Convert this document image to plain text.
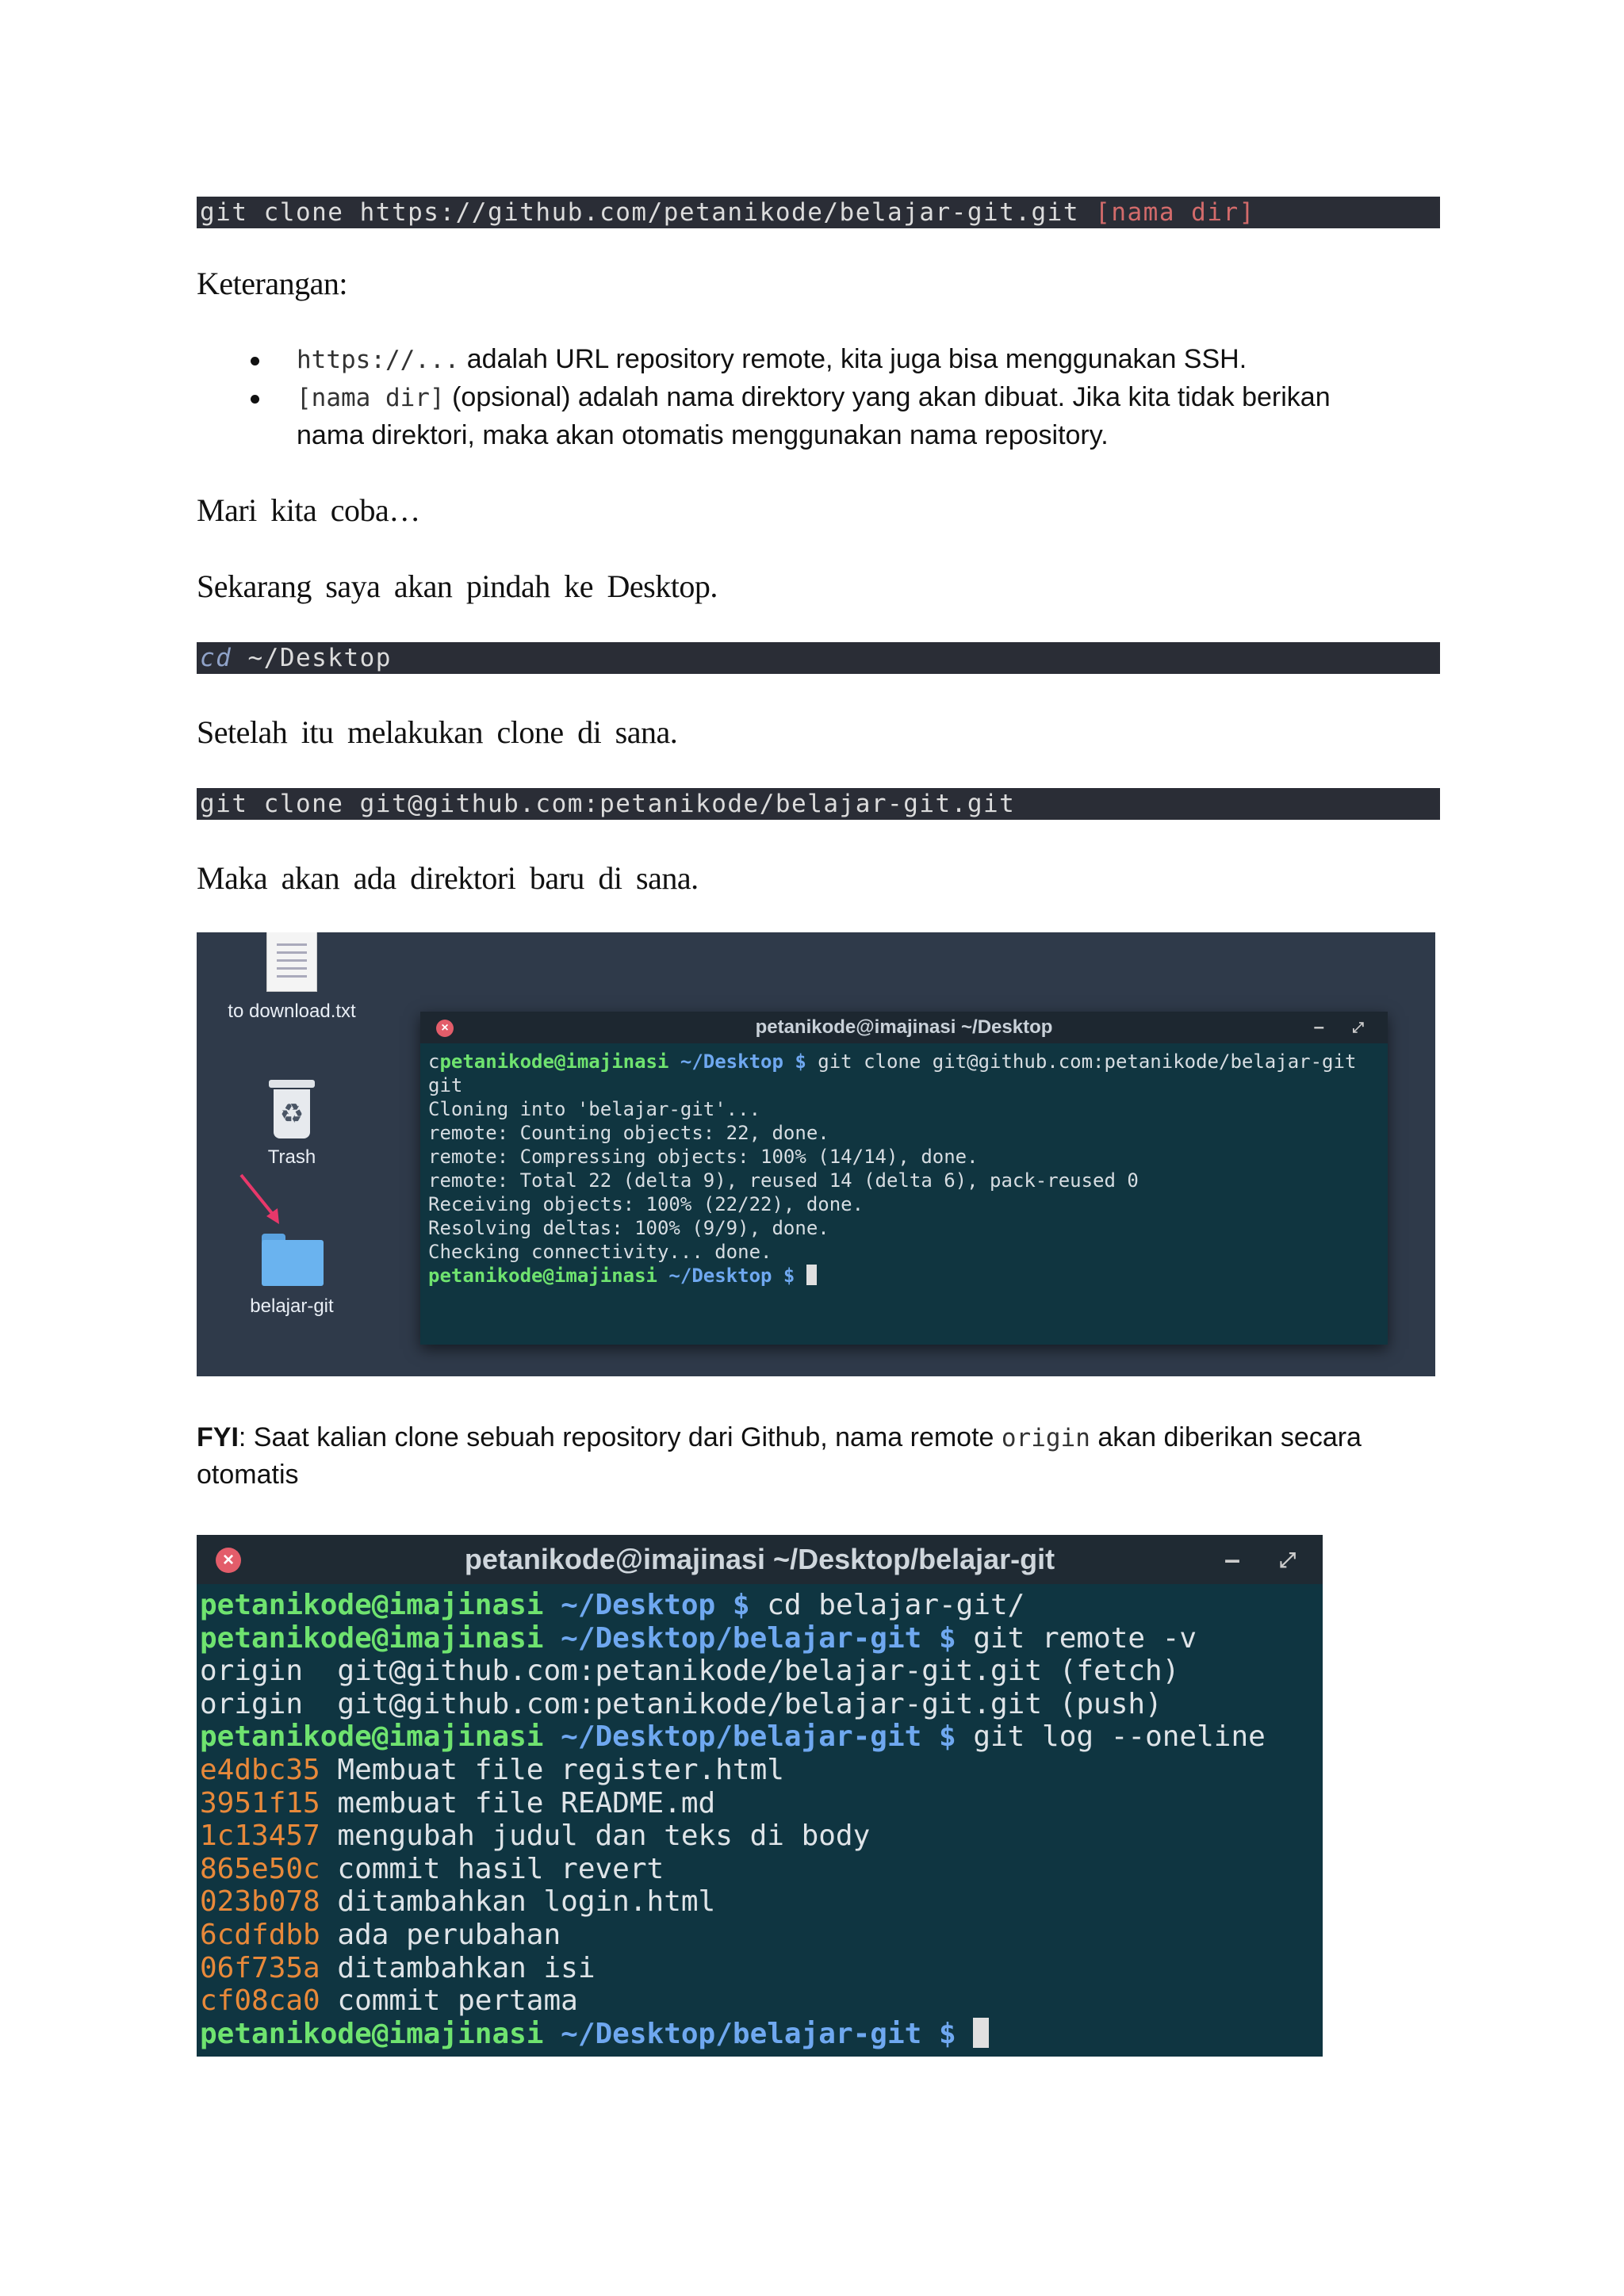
git clone https://github.com/petanikode/belajar-git.git [nama dir]
Keterangan:
https://... adalah URL repository remote, kita juga bisa menggunakan SSH.
[nama dir] (opsional) adalah nama direktory yang akan dibuat. Jika kita tidak berikan
nama direktori, maka akan otomatis menggunakan nama repository.
Mari kita coba…
Sekarang saya akan pindah ke Desktop.
cd ~/Desktop
Setelah itu melakukan clone di sana.
git clone git@github.com:petanikode/belajar-git.git
Maka akan ada direktori baru di sana.
to download.txt
♻
Trash
belajar-git
×	petanikode@imajinasi ~/Desktop	– ⤢
cpetanikode@imajinasi ~/Desktop $ git clone git@github.com:petanikode/belajar-git
git
Cloning into 'belajar-git'...
remote: Counting objects: 22, done.
remote: Compressing objects: 100% (14/14), done.
remote: Total 22 (delta 9), reused 14 (delta 6), pack-reused 0
Receiving objects: 100% (22/22), done.
Resolving deltas: 100% (9/9), done.
Checking connectivity... done.
petanikode@imajinasi ~/Desktop $
FYI: Saat kalian clone sebuah repository dari Github, nama remote origin akan diberikan secara
otomatis
×	petanikode@imajinasi ~/Desktop/belajar-git	– ⤢
petanikode@imajinasi ~/Desktop $ cd belajar-git/
petanikode@imajinasi ~/Desktop/belajar-git $ git remote -v
origin  git@github.com:petanikode/belajar-git.git (fetch)
origin  git@github.com:petanikode/belajar-git.git (push)
petanikode@imajinasi ~/Desktop/belajar-git $ git log --oneline
e4dbc35 Membuat file register.html
3951f15 membuat file README.md
1c13457 mengubah judul dan teks di body
865e50c commit hasil revert
023b078 ditambahkan login.html
6cdfdbb ada perubahan
06f735a ditambahkan isi
cf08ca0 commit pertama
petanikode@imajinasi ~/Desktop/belajar-git $
